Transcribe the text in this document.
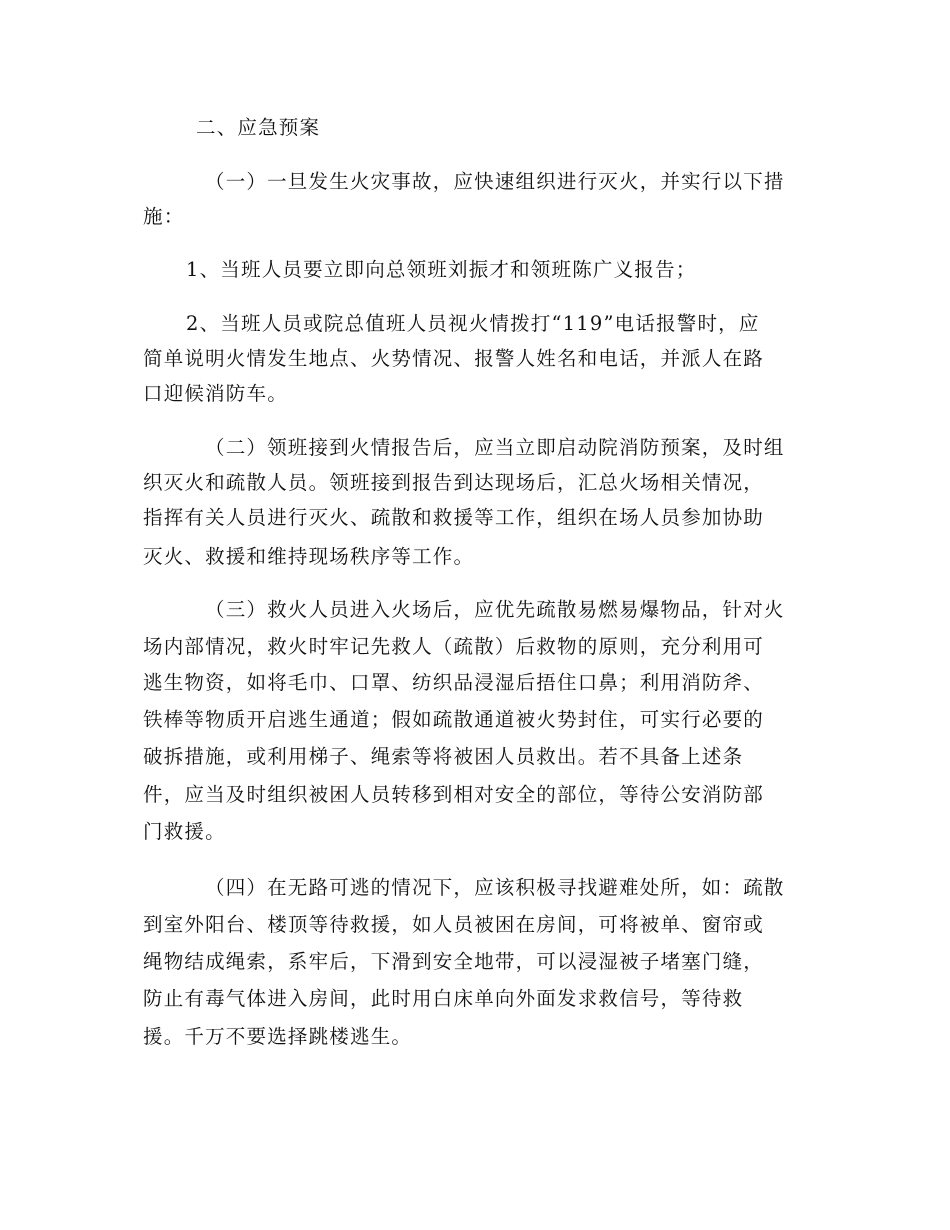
二、应急预案
（一）一旦发生火灾事故，应快速组织进行灭火，并实行以下措
施：
1、当班人员要立即向总领班刘振才和领班陈广义报告；
2、当班人员或院总值班人员视火情拨打“119”电话报警时，应
简单说明火情发生地点、火势情况、报警人姓名和电话，并派人在路
口迎候消防车。
（二）领班接到火情报告后，应当立即启动院消防预案，及时组
织灭火和疏散人员。领班接到报告到达现场后，汇总火场相关情况，
指挥有关人员进行灭火、疏散和救援等工作，组织在场人员参加协助
灭火、救援和维持现场秩序等工作。
（三）救火人员进入火场后，应优先疏散易燃易爆物品，针对火
场内部情况，救火时牢记先救人（疏散）后救物的原则，充分利用可
逃生物资，如将毛巾、口罩、纺织品浸湿后捂住口鼻；利用消防斧、
铁棒等物质开启逃生通道；假如疏散通道被火势封住，可实行必要的
破拆措施，或利用梯子、绳索等将被困人员救出。若不具备上述条
件，应当及时组织被困人员转移到相对安全的部位，等待公安消防部
门救援。
（四）在无路可逃的情况下，应该积极寻找避难处所，如：疏散
到室外阳台、楼顶等待救援，如人员被困在房间，可将被单、窗帘或
绳物结成绳索，系牢后，下滑到安全地带，可以浸湿被子堵塞门缝，
防止有毒气体进入房间，此时用白床单向外面发求救信号，等待救
援。千万不要选择跳楼逃生。
